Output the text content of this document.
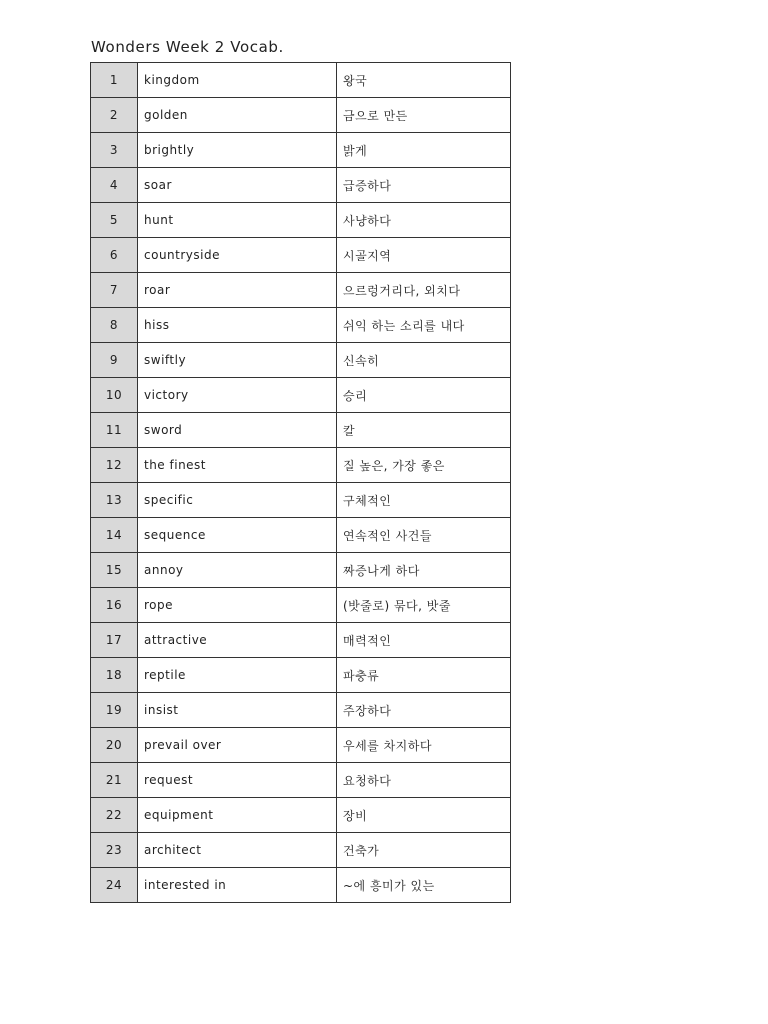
Wonders Week 2 Vocab.
1	kingdom	왕국
2	golden	금으로 만든
3	brightly	밝게
4	soar	급증하다
5	hunt	사냥하다
6	countryside	시골지역
7	roar	으르렁거리다, 외치다
8	hiss	쉬익 하는 소리를 내다
9	swiftly	신속히
10	victory	승리
11	sword	칼
12	the finest	질 높은, 가장 좋은
13	specific	구체적인
14	sequence	연속적인 사건들
15	annoy	짜증나게 하다
16	rope	(밧줄로) 묶다, 밧줄
17	attractive	매력적인
18	reptile	파충류
19	insist	주장하다
20	prevail over	우세를 차지하다
21	request	요청하다
22	equipment	장비
23	architect	건축가
24	interested in	~에 흥미가 있는
